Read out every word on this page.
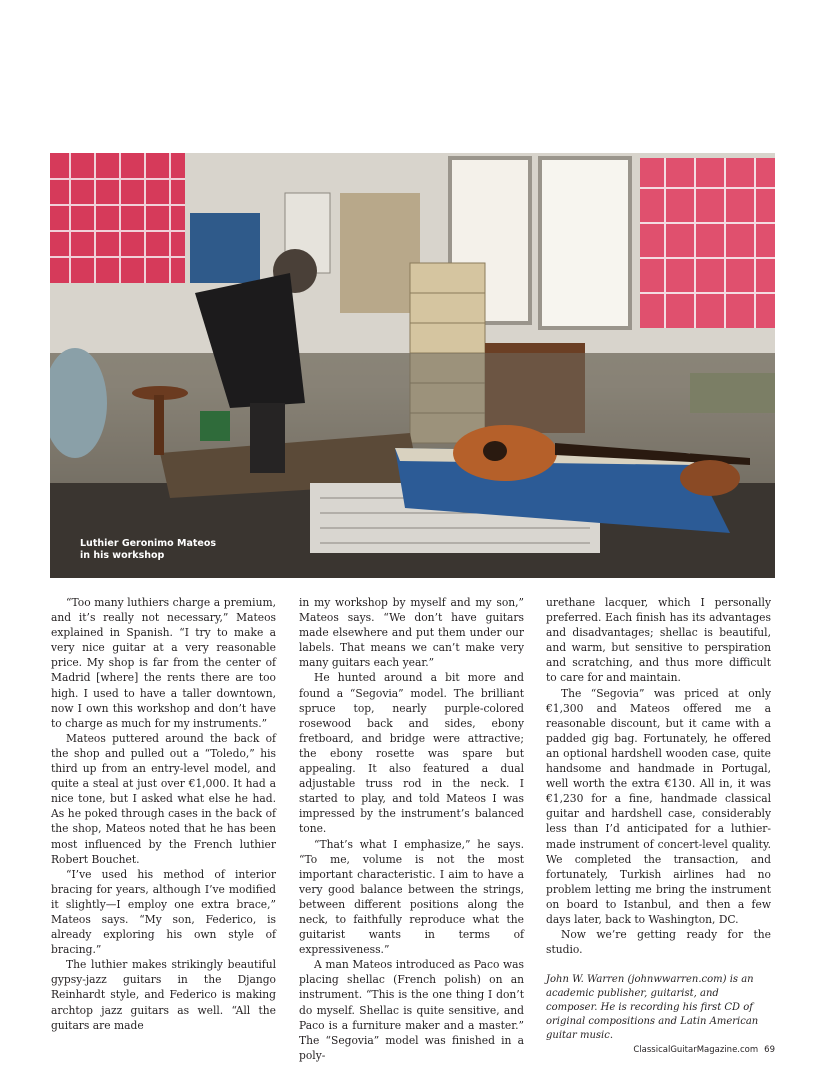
Luthier Geronimo Mateos
in his workshop

“Too many luthiers charge a premium, and it’s really not necessary,” Mateos explained in Spanish. “I try to make a very nice guitar at a very reasonable price. My shop is far from the center of Madrid [where] the rents there are too high. I used to have a taller downtown, now I own this workshop and don’t have to charge as much for my instruments.”

Mateos puttered around the back of the shop and pulled out a “Toledo,” his third up from an entry-level model, and quite a steal at just over €1,000. It had a nice tone, but I asked what else he had. As he poked through cases in the back of the shop, Mateos noted that he has been most influenced by the French luthier Robert Bouchet.

“I’ve used his method of interior bracing for years, although I’ve modified it slightly—I employ one extra brace,” Mateos says. “My son, Federico, is already exploring his own style of bracing.”

The luthier makes strikingly beautiful gypsy-jazz guitars in the Django Reinhardt style, and Federico is making archtop jazz guitars as well. “All the guitars are made

in my workshop by myself and my son,” Mateos says. “We don’t have guitars made elsewhere and put them under our labels. That means we can’t make very many guitars each year.”

He hunted around a bit more and found a “Segovia” model. The brilliant spruce top, nearly purple-colored rosewood back and sides, ebony fretboard, and bridge were attractive; the ebony rosette was spare but appealing. It also featured a dual adjustable truss rod in the neck. I started to play, and told Mateos I was impressed by the instrument’s balanced tone.

“That’s what I emphasize,” he says. “To me, volume is not the most important characteristic. I aim to have a very good balance between the strings, between different positions along the neck, to faithfully reproduce what the guitarist wants in terms of expressiveness.”

A man Mateos introduced as Paco was placing shellac (French polish) on an instrument. “This is the one thing I don’t do myself. Shellac is quite sensitive, and Paco is a furniture maker and a master.” The “Segovia” model was finished in a poly-

urethane lacquer, which I personally preferred. Each finish has its advantages and disadvantages; shellac is beautiful, and warm, but sensitive to perspiration and scratching, and thus more difficult to care for and maintain.

The “Segovia” was priced at only €1,300 and Mateos offered me a reasonable discount, but it came with a padded gig bag. Fortunately, he offered an optional hardshell wooden case, quite handsome and handmade in Portugal, well worth the extra €130. All in, it was €1,230 for a fine, handmade classical guitar and hardshell case, considerably less than I’d anticipated for a luthier-made instrument of concert-level quality. We completed the transaction, and fortunately, Turkish airlines had no problem letting me bring the instrument on board to Istanbul, and then a few days later, back to Washington, DC.

Now we’re getting ready for the studio.

John W. Warren (johnwwarren.com) is an academic publisher, guitarist, and composer. He is recording his first CD of original compositions and Latin American guitar music.

ClassicalGuitarMagazine.com 69
